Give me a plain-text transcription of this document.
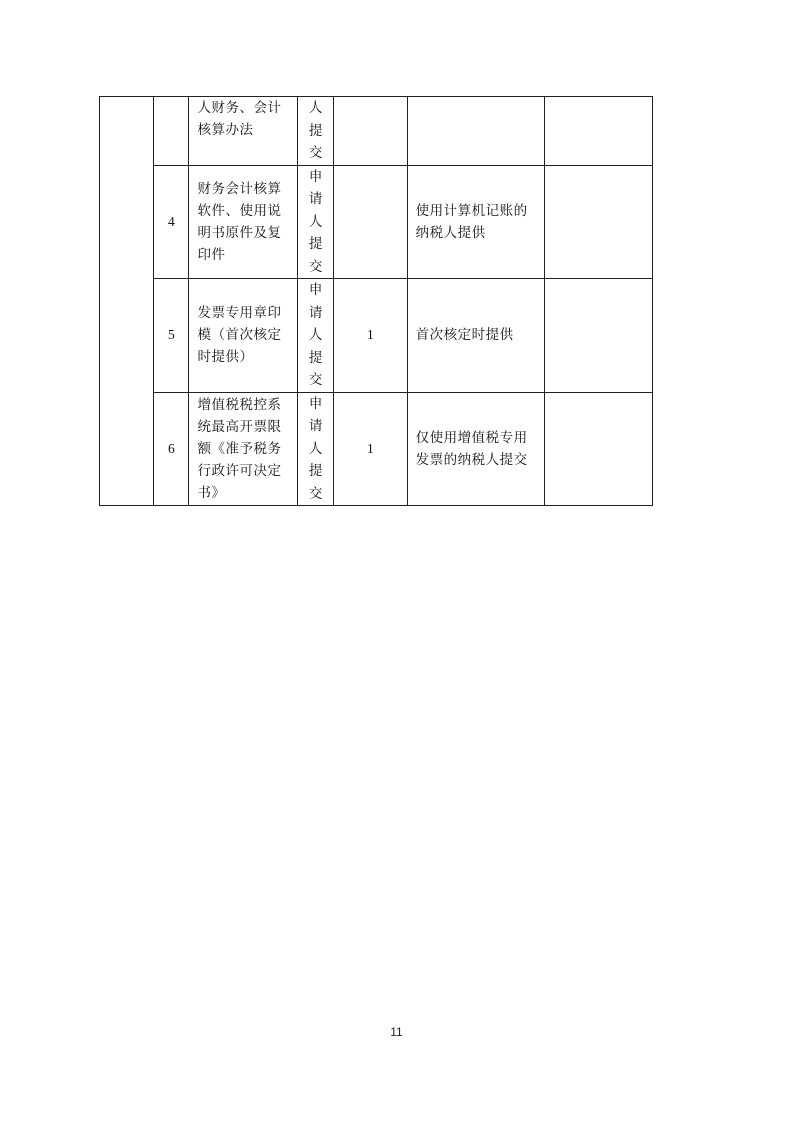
		人财务、会计核算办法	人
提
交			

	4	财务会计核算软件、使用说明书原件及复印件	申
请
人
提
交		使用计算机记账的纳税人提供	

	5	发票专用章印模（首次核定时提供）	申
请
人
提
交	1	首次核定时提供	

	6	增值税税控系统最高开票限额《准予税务行政许可决定书》	申
请
人
提
交	1	仅使用增值税专用发票的纳税人提交	

11
